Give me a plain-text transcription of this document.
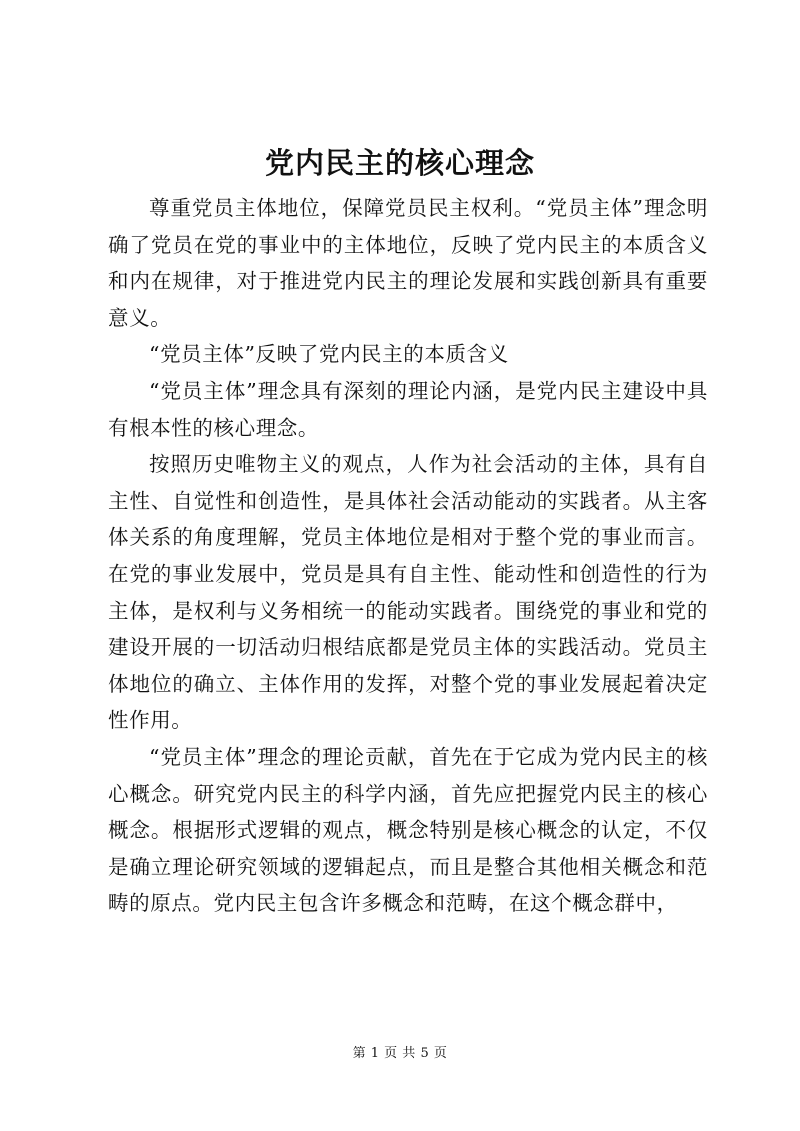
党内民主的核心理念

尊重党员主体地位，保障党员民主权利。“党员主体”理念明确了党员在党的事业中的主体地位，反映了党内民主的本质含义和内在规律，对于推进党内民主的理论发展和实践创新具有重要意义。

“党员主体”反映了党内民主的本质含义

“党员主体”理念具有深刻的理论内涵，是党内民主建设中具有根本性的核心理念。

按照历史唯物主义的观点，人作为社会活动的主体，具有自主性、自觉性和创造性，是具体社会活动能动的实践者。从主客体关系的角度理解，党员主体地位是相对于整个党的事业而言。在党的事业发展中，党员是具有自主性、能动性和创造性的行为主体，是权利与义务相统一的能动实践者。围绕党的事业和党的建设开展的一切活动归根结底都是党员主体的实践活动。党员主体地位的确立、主体作用的发挥，对整个党的事业发展起着决定性作用。

“党员主体”理念的理论贡献，首先在于它成为党内民主的核心概念。研究党内民主的科学内涵，首先应把握党内民主的核心概念。根据形式逻辑的观点，概念特别是核心概念的认定，不仅是确立理论研究领域的逻辑起点，而且是整合其他相关概念和范畴的原点。党内民主包含许多概念和范畴，在这个概念群中，

第 1 页 共 5 页
